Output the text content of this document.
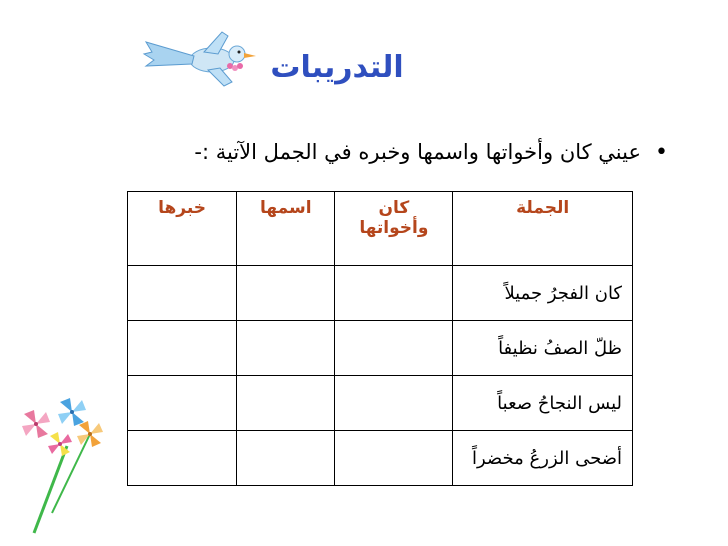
التدريبات
•عيني كان وأخواتها واسمها وخبره في الجمل الآتية :-
الجملة	كان وأخواتها	اسمها	خبرها
كان الفجرُ جميلاً			
ظلّ الصفُ نظيفاً			
ليس النجاحُ صعباً			
أضحى الزرعُ مخضراً			
